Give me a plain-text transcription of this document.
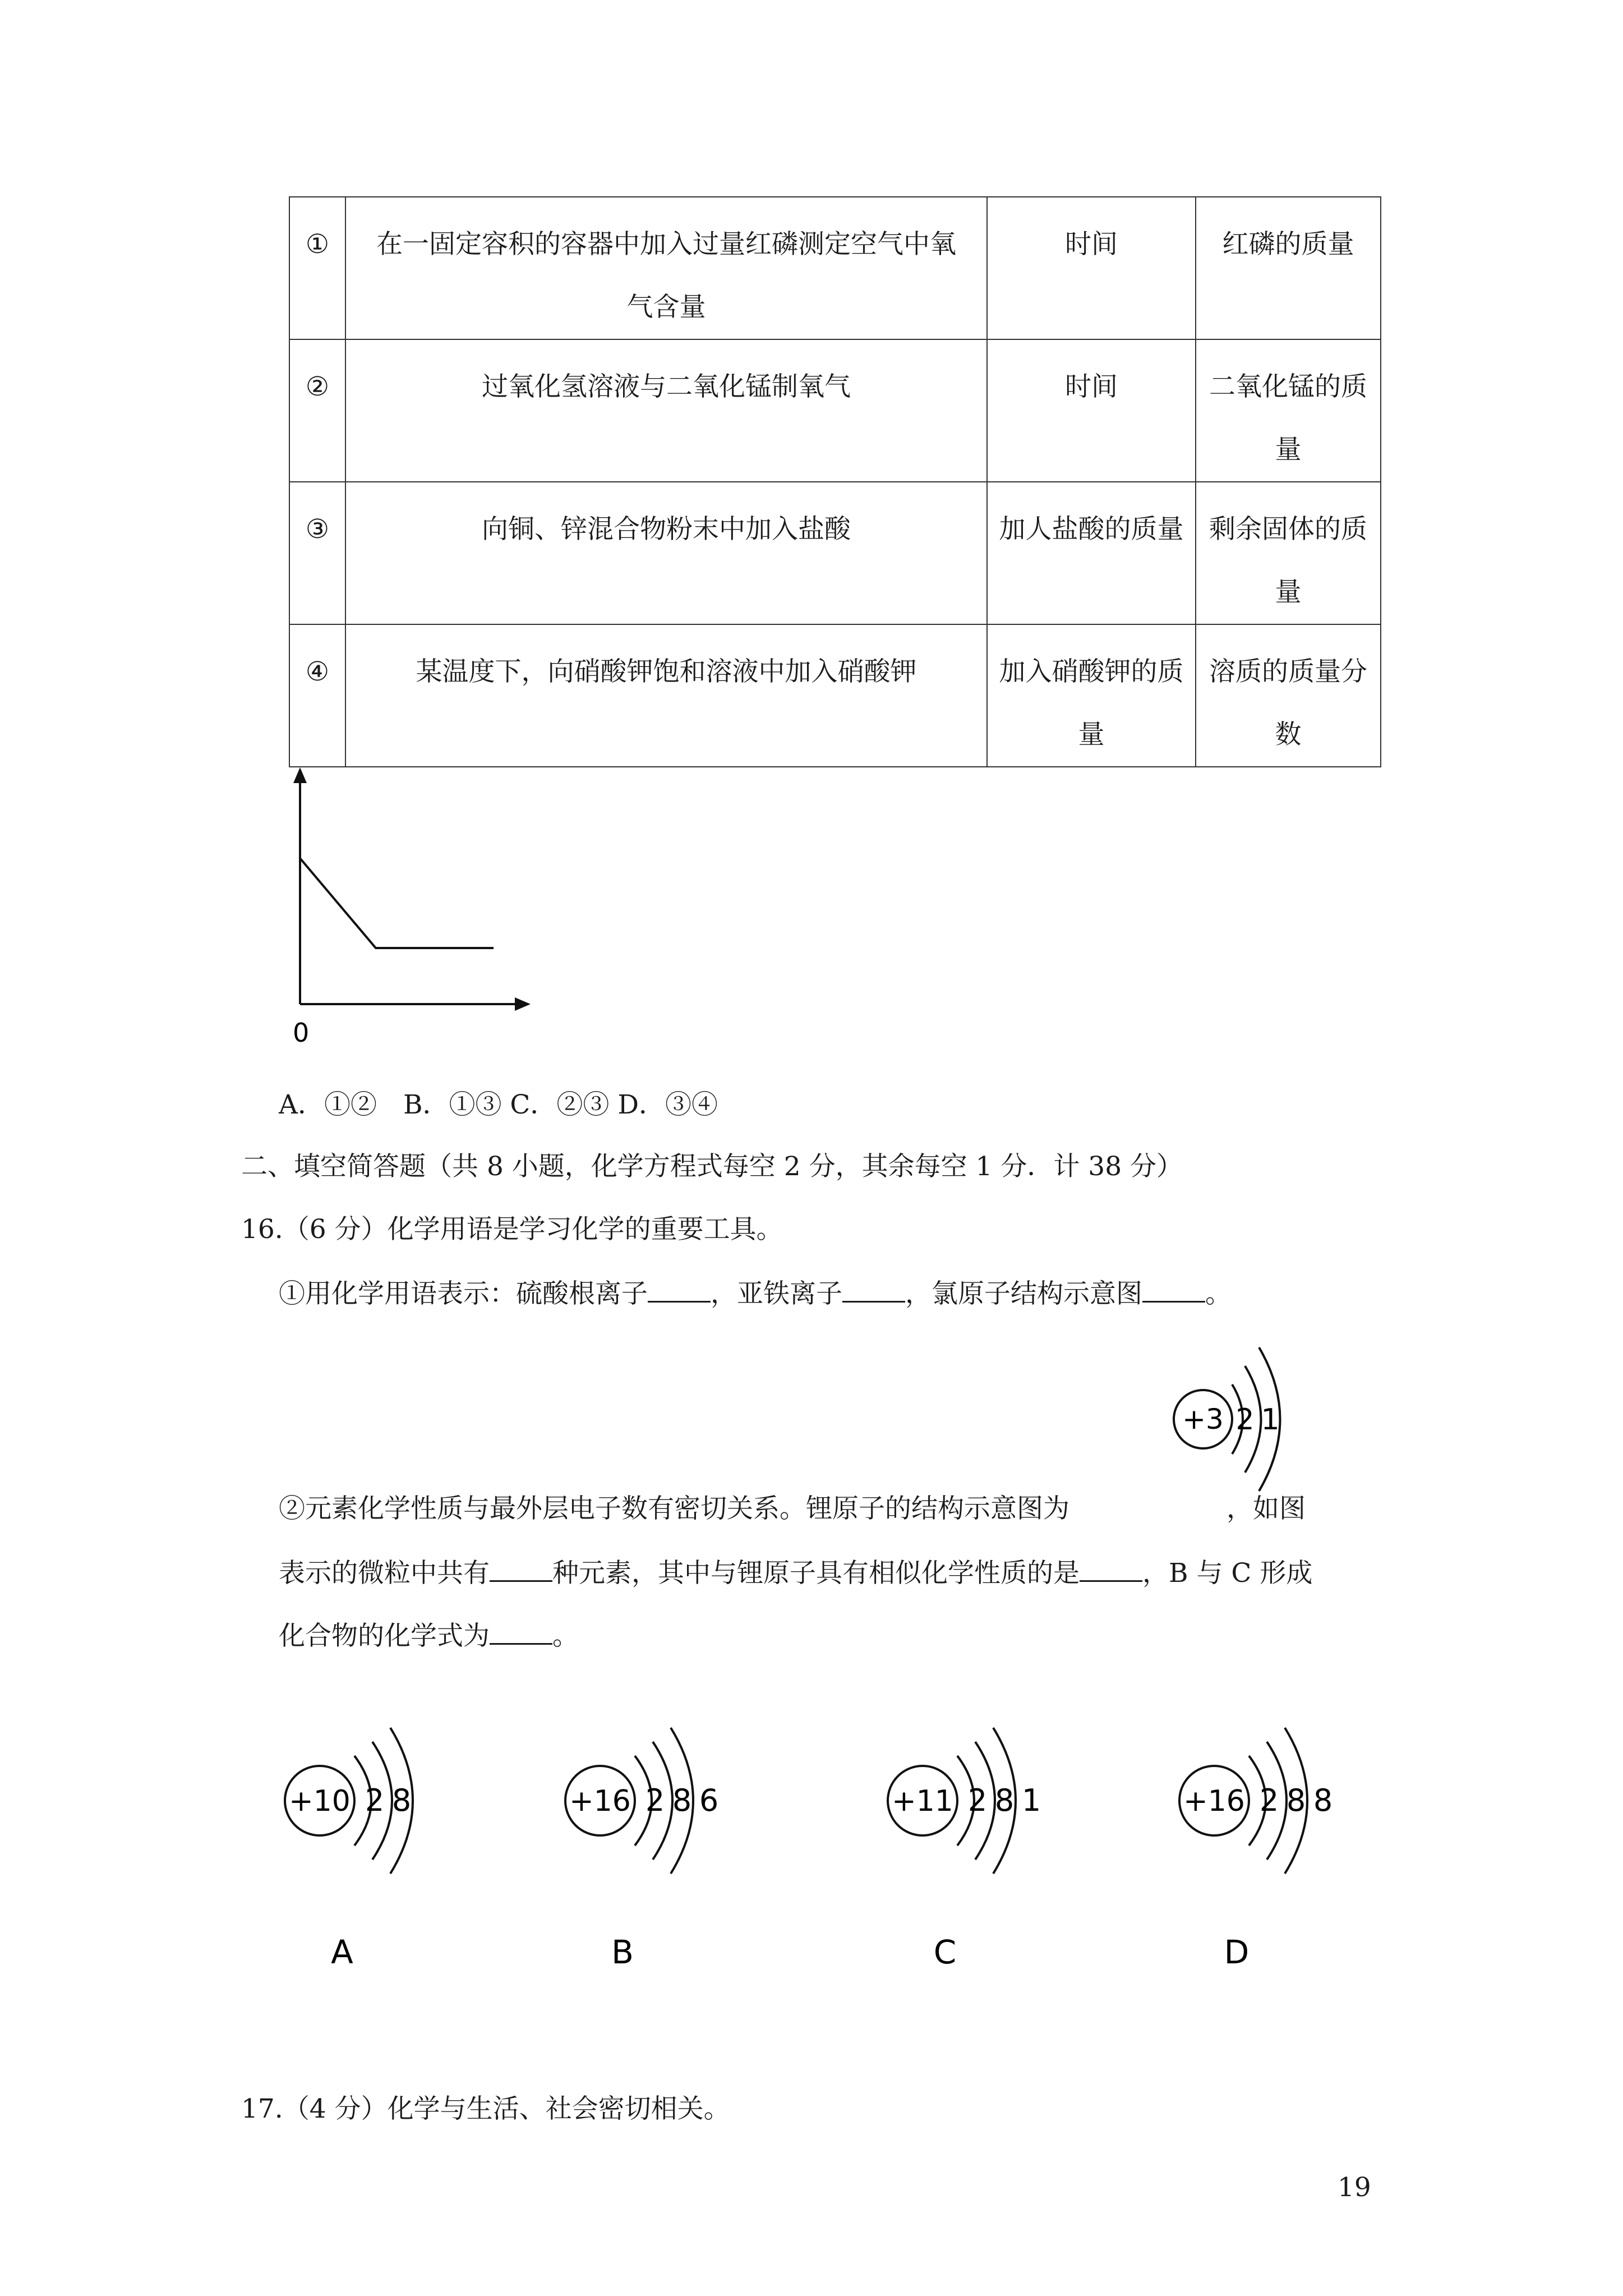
①	在一固定容积的容器中加入过量红磷测定空气中氧
气含量	时间	红磷的质量

②	过氧化氢溶液与二氧化锰制氧气	时间	二氧化锰的质
量

③	向铜、锌混合物粉末中加入盐酸	加人盐酸的质量	剩余固体的质
量

④	某温度下，向硝酸钾饱和溶液中加入硝酸钾	加入硝酸钾的质
量	溶质的质量分
数
0
A．①②　B．①③ C．②③ D．③④
二、填空简答题（共 8 小题，化学方程式每空 2 分，其余每空 1 分．计 38 分）
16.（6 分）化学用语是学习化学的重要工具。
①用化学用语表示：硫酸根离子 ，亚铁离子 ，氯原子结构示意图 。
+3 2 1
②元素化学性质与最外层电子数有密切关系。锂原子的结构示意图为	，如图
表示的微粒中共有 种元素，其中与锂原子具有相似化学性质的是 ，B 与 C 形成
化合物的化学式为 。
+10 2 8
A
+16 2 8 6
B
+11 2 8 1
C
+16 2 8 8
D
17.（4 分）化学与生活、社会密切相关。
19
